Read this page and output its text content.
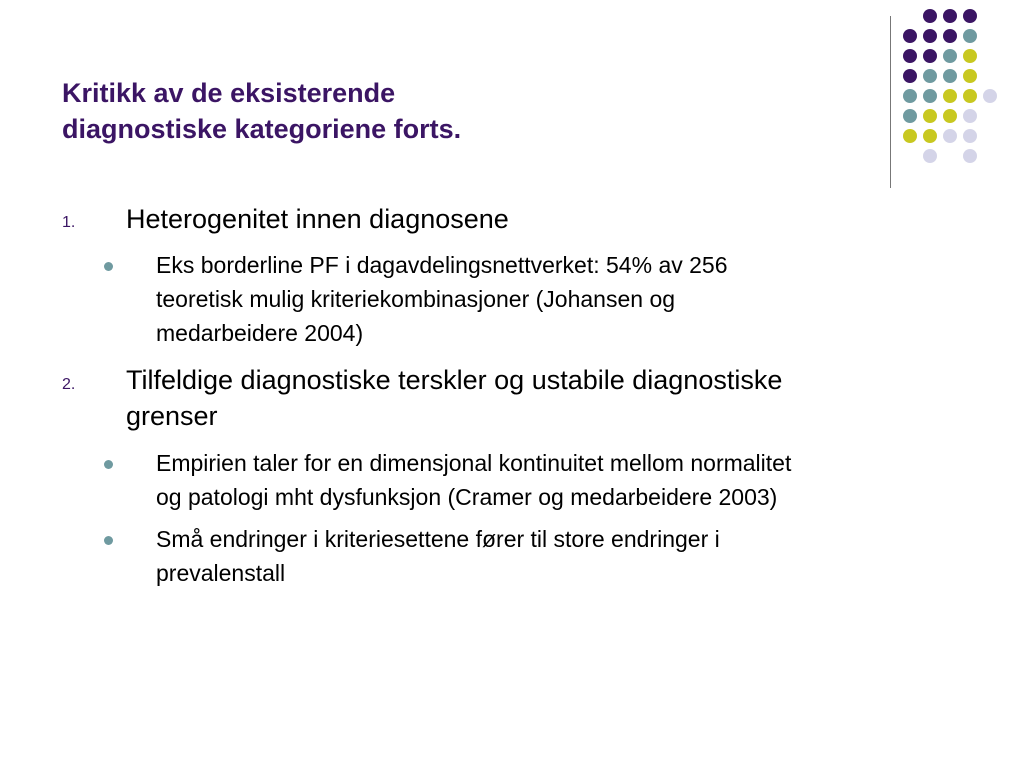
Kritikk av de eksisterende
diagnostiske kategoriene forts.
1. Heterogenitet innen diagnosene
Eks borderline PF i dagavdelingsnettverket: 54% av 256
teoretisk mulig kriteriekombinasjoner (Johansen og
medarbeidere 2004)
2. Tilfeldige diagnostiske terskler og ustabile diagnostiske
grenser
Empirien taler for en dimensjonal kontinuitet mellom normalitet
og patologi mht dysfunksjon (Cramer og medarbeidere 2003)
Små endringer i kriteriesettene fører til store endringer i
prevalenstall
